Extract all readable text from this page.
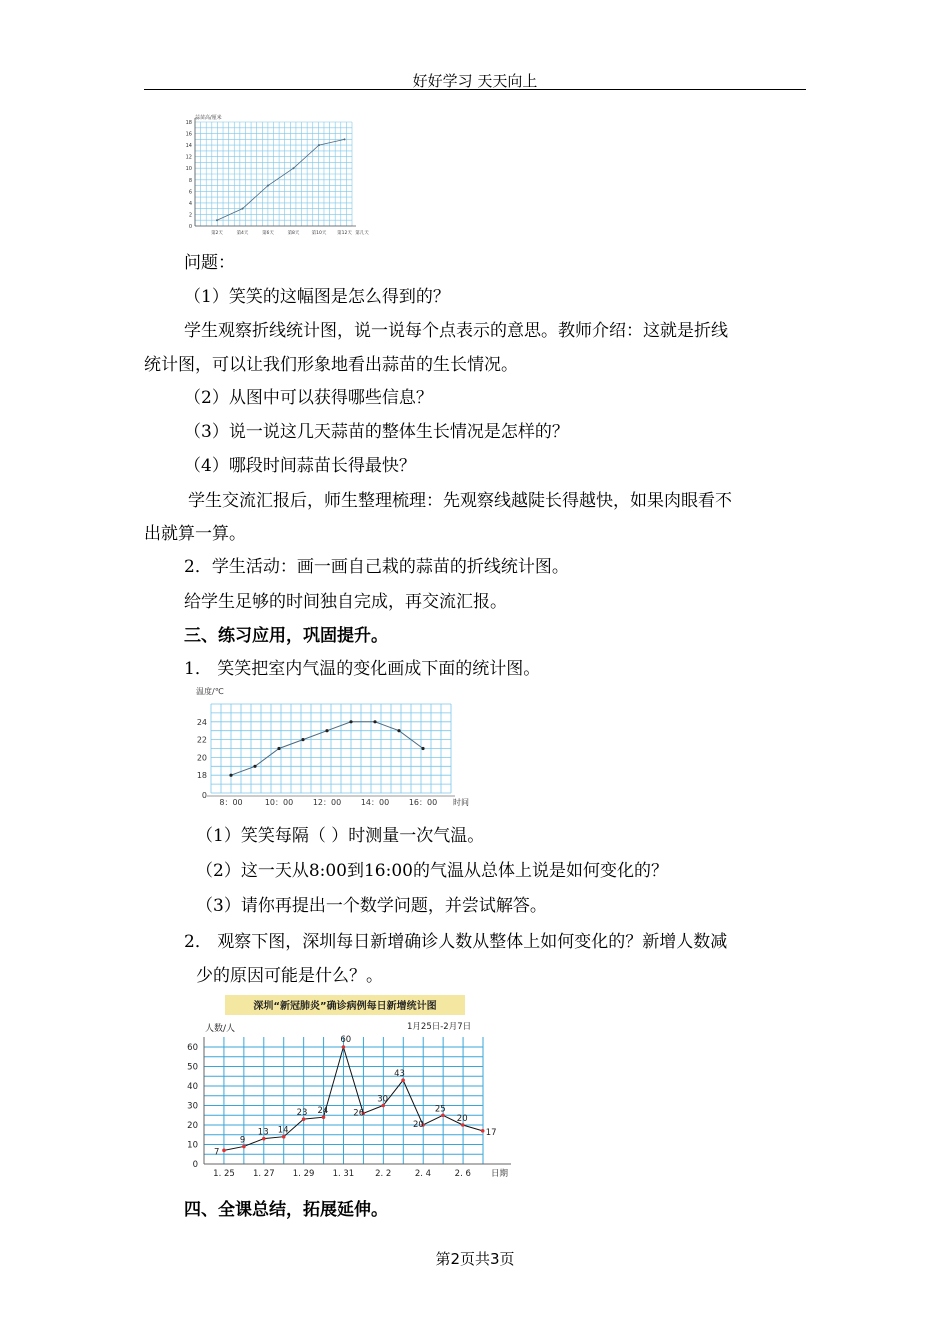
好好学习 天天向上
蒜苗高/厘米
0
2
4
6
8
10
12
14
16
18
第2天	第4天	第6天	第8天	第10天 第12天 第几天
问题：
（1）笑笑的这幅图是怎么得到的？
学生观察折线统计图，说一说每个点表示的意思。教师介绍：这就是折线
统计图，可以让我们形象地看出蒜苗的生长情况。
（2）从图中可以获得哪些信息？
（3）说一说这几天蒜苗的整体生长情况是怎样的？
（4）哪段时间蒜苗长得最快？
学生交流汇报后，师生整理梳理：先观察线越陡长得越快，如果肉眼看不
出就算一算。
2．学生活动：画一画自己栽的蒜苗的折线统计图。
给学生足够的时间独自完成，再交流汇报。
三、练习应用，巩固提升。
1． 笑笑把室内气温的变化画成下面的统计图。
温度/℃
0
18
20
22
24
8：00	10：00 12：00 14：00 16：00 时间
（1）笑笑每隔（ ）时测量一次气温。
（2）这一天从8:00到16:00的气温从总体上说是如何变化的？
（3）请你再提出一个数学问题，并尝试解答。
2． 观察下图，深圳每日新增确诊人数从整体上如何变化的？新增人数减
少的原因可能是什么？。
深圳“新冠肺炎”确诊病例每日新增统计图
1月25日-2月7日
人数/人
0
10
20
30
40
50
60
1. 25 1. 27 1. 29 1. 31 2. 2	2. 4	2. 6 日期
7
9
13 14
23 24
60
26
30
43
20
25
20
17
四、全课总结，拓展延伸。
第2页共3页
